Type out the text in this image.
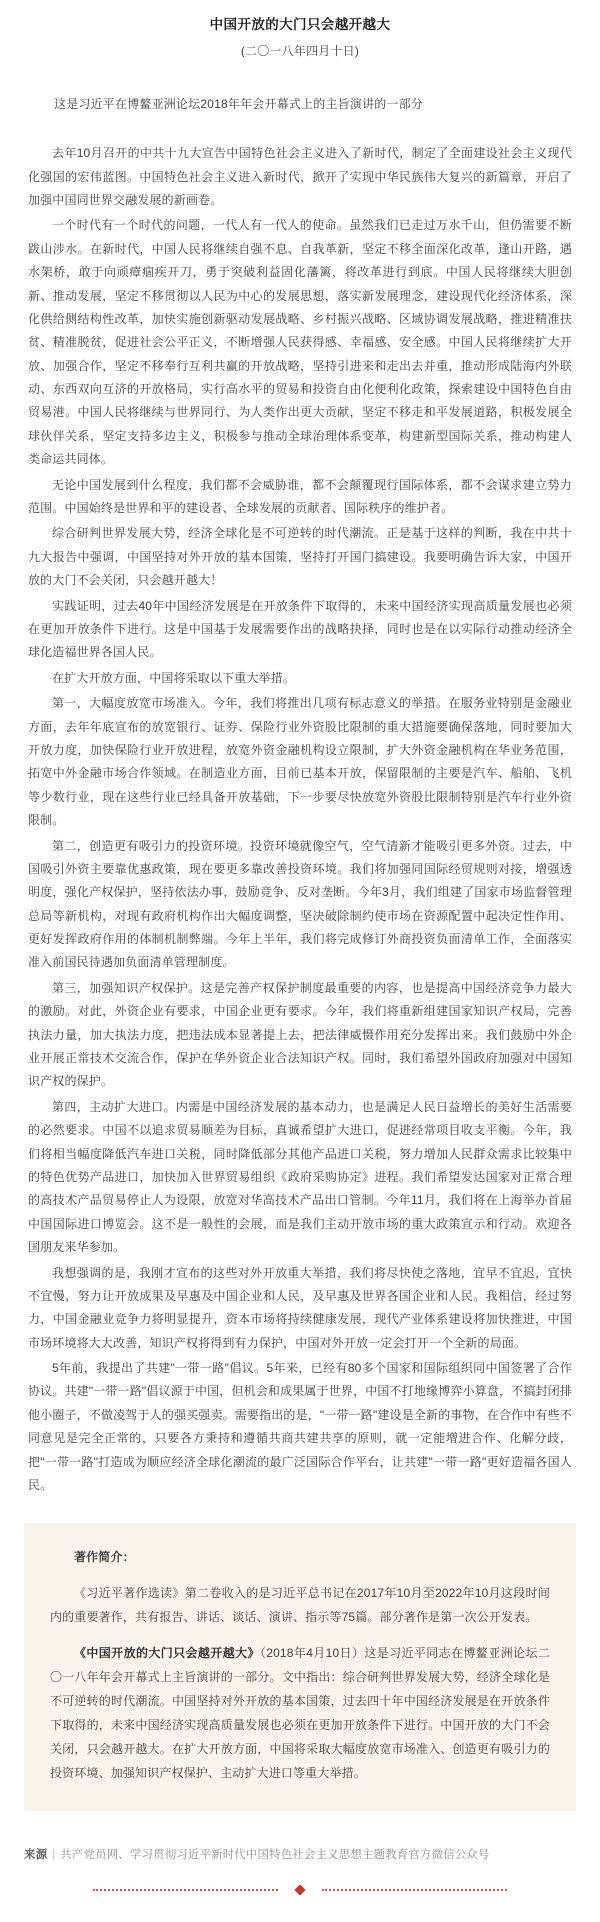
中国开放的大门只会越开越大

(二〇一八年四月十日)

这是习近平在博鳌亚洲论坛2018年年会开幕式上的主旨演讲的一部分

去年10月召开的中共十九大宣告中国特色社会主义进入了新时代，制定了全面建设社会主义现代化强国的宏伟蓝图。中国特色社会主义进入新时代，掀开了实现中华民族伟大复兴的新篇章，开启了加强中国同世界交融发展的新画卷。

一个时代有一个时代的问题，一代人有一代人的使命。虽然我们已走过万水千山，但仍需要不断跋山涉水。在新时代，中国人民将继续自强不息、自我革新，坚定不移全面深化改革，逢山开路，遇水架桥，敢于向顽瘴痼疾开刀，勇于突破利益固化藩篱，将改革进行到底。中国人民将继续大胆创新、推动发展，坚定不移贯彻以人民为中心的发展思想，落实新发展理念，建设现代化经济体系，深化供给侧结构性改革，加快实施创新驱动发展战略、乡村振兴战略、区域协调发展战略，推进精准扶贫、精准脱贫，促进社会公平正义，不断增强人民获得感、幸福感、安全感。中国人民将继续扩大开放、加强合作，坚定不移奉行互利共赢的开放战略，坚持引进来和走出去并重，推动形成陆海内外联动、东西双向互济的开放格局，实行高水平的贸易和投资自由化便利化政策，探索建设中国特色自由贸易港。中国人民将继续与世界同行、为人类作出更大贡献，坚定不移走和平发展道路，积极发展全球伙伴关系，坚定支持多边主义，积极参与推动全球治理体系变革，构建新型国际关系，推动构建人类命运共同体。

无论中国发展到什么程度，我们都不会威胁谁，都不会颠覆现行国际体系，都不会谋求建立势力范围。中国始终是世界和平的建设者、全球发展的贡献者、国际秩序的维护者。

综合研判世界发展大势，经济全球化是不可逆转的时代潮流。正是基于这样的判断，我在中共十九大报告中强调，中国坚持对外开放的基本国策，坚持打开国门搞建设。我要明确告诉大家，中国开放的大门不会关闭，只会越开越大！

实践证明，过去40年中国经济发展是在开放条件下取得的，未来中国经济实现高质量发展也必须在更加开放条件下进行。这是中国基于发展需要作出的战略抉择，同时也是在以实际行动推动经济全球化造福世界各国人民。

在扩大开放方面，中国将采取以下重大举措。

第一，大幅度放宽市场准入。今年，我们将推出几项有标志意义的举措。在服务业特别是金融业方面，去年年底宣布的放宽银行、证券、保险行业外资股比限制的重大措施要确保落地，同时要加大开放力度，加快保险行业开放进程，放宽外资金融机构设立限制，扩大外资金融机构在华业务范围，拓宽中外金融市场合作领域。在制造业方面，目前已基本开放，保留限制的主要是汽车、船舶、飞机等少数行业，现在这些行业已经具备开放基础，下一步要尽快放宽外资股比限制特别是汽车行业外资限制。

第二，创造更有吸引力的投资环境。投资环境就像空气，空气清新才能吸引更多外资。过去，中国吸引外资主要靠优惠政策，现在要更多靠改善投资环境。我们将加强同国际经贸规则对接，增强透明度，强化产权保护，坚持依法办事，鼓励竞争、反对垄断。今年3月，我们组建了国家市场监督管理总局等新机构，对现有政府机构作出大幅度调整，坚决破除制约使市场在资源配置中起决定性作用、更好发挥政府作用的体制机制弊端。今年上半年，我们将完成修订外商投资负面清单工作，全面落实准入前国民待遇加负面清单管理制度。

第三，加强知识产权保护。这是完善产权保护制度最重要的内容，也是提高中国经济竞争力最大的激励。对此，外资企业有要求，中国企业更有要求。今年，我们将重新组建国家知识产权局，完善执法力量，加大执法力度，把违法成本显著提上去，把法律威慑作用充分发挥出来。我们鼓励中外企业开展正常技术交流合作，保护在华外资企业合法知识产权。同时，我们希望外国政府加强对中国知识产权的保护。

第四，主动扩大进口。内需是中国经济发展的基本动力，也是满足人民日益增长的美好生活需要的必然要求。中国不以追求贸易顺差为目标，真诚希望扩大进口，促进经常项目收支平衡。今年，我们将相当幅度降低汽车进口关税，同时降低部分其他产品进口关税，努力增加人民群众需求比较集中的特色优势产品进口，加快加入世界贸易组织《政府采购协定》进程。我们希望发达国家对正常合理的高技术产品贸易停止人为设限，放宽对华高技术产品出口管制。今年11月，我们将在上海举办首届中国国际进口博览会。这不是一般性的会展，而是我们主动开放市场的重大政策宣示和行动。欢迎各国朋友来华参加。

我想强调的是，我刚才宣布的这些对外开放重大举措，我们将尽快使之落地，宜早不宜迟，宜快不宜慢，努力让开放成果及早惠及中国企业和人民，及早惠及世界各国企业和人民。我相信，经过努力，中国金融业竞争力将明显提升，资本市场将持续健康发展，现代产业体系建设将加快推进，中国市场环境将大大改善，知识产权将得到有力保护，中国对外开放一定会打开一个全新的局面。

5年前，我提出了共建"一带一路"倡议。5年来，已经有80多个国家和国际组织同中国签署了合作协议。共建"一带一路"倡议源于中国，但机会和成果属于世界，中国不打地缘博弈小算盘，不搞封闭排他小圈子，不做凌驾于人的强买强卖。需要指出的是，"一带一路"建设是全新的事物，在合作中有些不同意见是完全正常的，只要各方秉持和遵循共商共建共享的原则，就一定能增进合作、化解分歧，把"一带一路"打造成为顺应经济全球化潮流的最广泛国际合作平台，让共建"一带一路"更好造福各国人民。

著作简介：

《习近平著作选读》第二卷收入的是习近平总书记在2017年10月至2022年10月这段时间内的重要著作，共有报告、讲话、谈话、演讲、指示等75篇。部分著作是第一次公开发表。

《中国开放的大门只会越开越大》（2018年4月10日）这是习近平同志在博鳌亚洲论坛二〇一八年年会开幕式上主旨演讲的一部分。文中指出：综合研判世界发展大势，经济全球化是不可逆转的时代潮流。中国坚持对外开放的基本国策，过去四十年中国经济发展是在开放条件下取得的，未来中国经济实现高质量发展也必须在更加开放条件下进行。中国开放的大门不会关闭，只会越开越大。在扩大开放方面，中国将采取大幅度放宽市场准入、创造更有吸引力的投资环境、加强知识产权保护、主动扩大进口等重大举措。

来源 | 共产党员网、学习贯彻习近平新时代中国特色社会主义思想主题教育官方微信公众号
